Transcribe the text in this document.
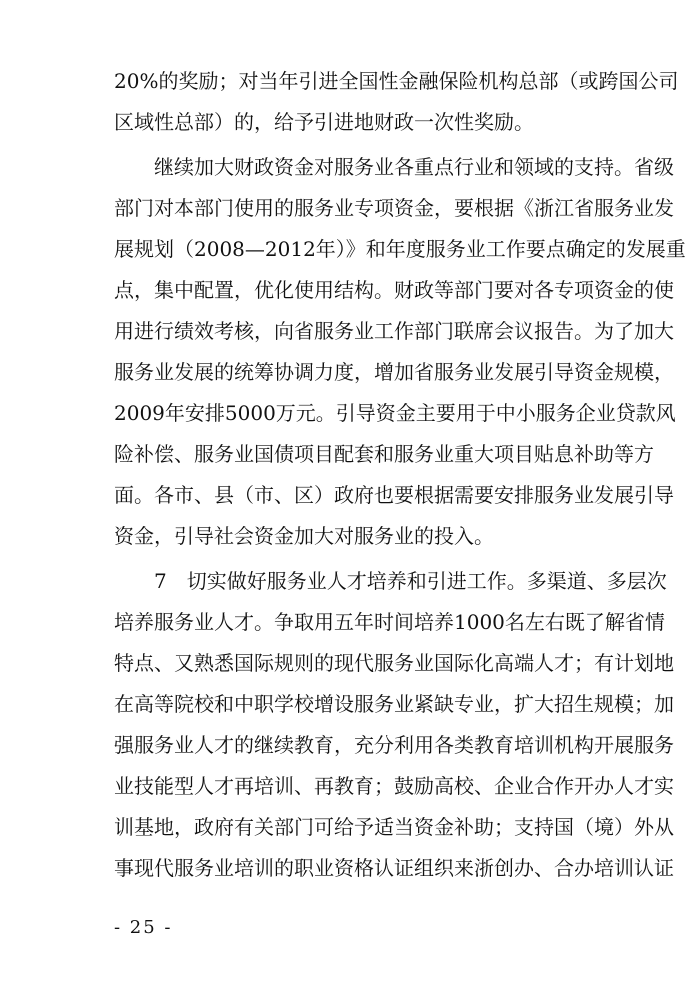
20%的奖励；对当年引进全国性金融保险机构总部（或跨国公司
区域性总部）的，给予引进地财政一次性奖励。
继续加大财政资金对服务业各重点行业和领域的支持。省级
部门对本部门使用的服务业专项资金，要根据《浙江省服务业发
展规划（2008—2012年）》和年度服务业工作要点确定的发展重
点，集中配置，优化使用结构。财政等部门要对各专项资金的使
用进行绩效考核，向省服务业工作部门联席会议报告。为了加大
服务业发展的统筹协调力度，增加省服务业发展引导资金规模，
2009年安排5000万元。引导资金主要用于中小服务企业贷款风
险补偿、服务业国债项目配套和服务业重大项目贴息补助等方
面。各市、县（市、区）政府也要根据需要安排服务业发展引导
资金，引导社会资金加大对服务业的投入。
7　切实做好服务业人才培养和引进工作。多渠道、多层次
培养服务业人才。争取用五年时间培养1000名左右既了解省情
特点、又熟悉国际规则的现代服务业国际化高端人才；有计划地
在高等院校和中职学校增设服务业紧缺专业，扩大招生规模；加
强服务业人才的继续教育，充分利用各类教育培训机构开展服务
业技能型人才再培训、再教育；鼓励高校、企业合作开办人才实
训基地，政府有关部门可给予适当资金补助；支持国（境）外从
事现代服务业培训的职业资格认证组织来浙创办、合办培训认证
- 25 -
